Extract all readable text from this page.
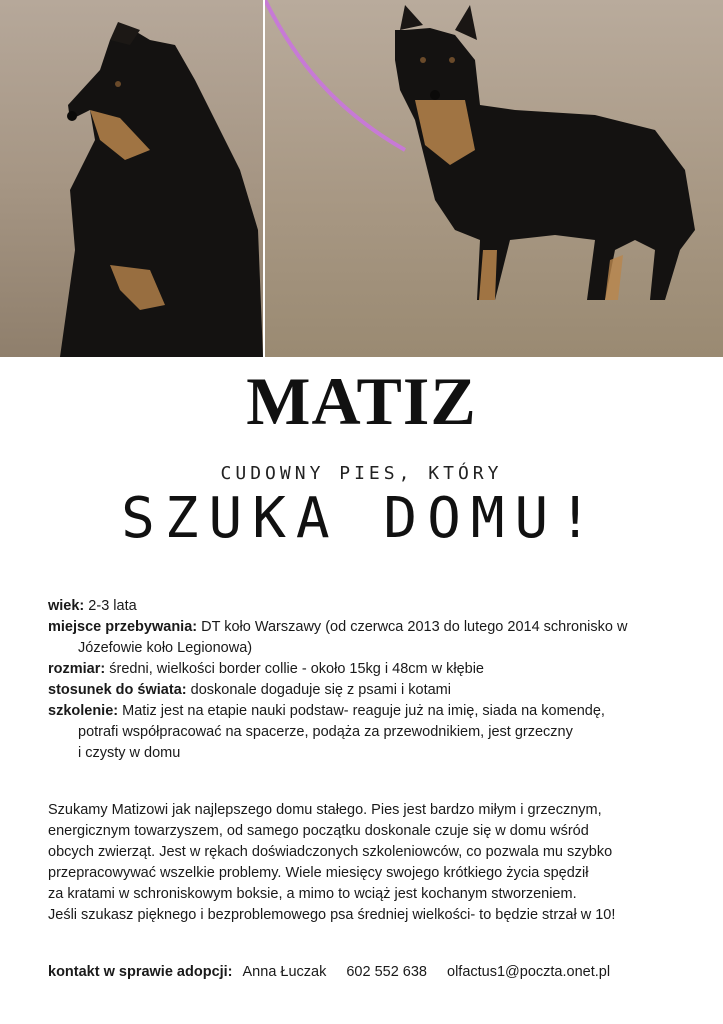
MATIZ
CUDOWNY PIES, KTÓRY
SZUKA DOMU!

wiek: 2-3 lata

miejsce przebywania: DT koło Warszawy (od czerwca 2013 do lutego 2014 schronisko w

Józefowie koło Legionowa)

rozmiar: średni, wielkości border collie - około 15kg i 48cm w kłębie

stosunek do świata: doskonale dogaduje się z psami i kotami

szkolenie: Matiz jest na etapie nauki podstaw- reaguje już na imię, siada na komendę,

potrafi współpracować na spacerze, podąża za przewodnikiem, jest grzeczny

i czysty w domu

Szukamy Matizowi jak najlepszego domu stałego. Pies jest bardzo miłym i grzecznym,

energicznym towarzyszem, od samego początku doskonale czuje się w domu wśród

obcych zwierząt. Jest w rękach doświadczonych szkoleniowców, co pozwala mu szybko

przepracowywać wszelkie problemy. Wiele miesięcy swojego krótkiego życia spędził

za kratami w schroniskowym boksie, a mimo to wciąż jest kochanym stworzeniem.

Jeśli szukasz pięknego i bezproblemowego psa średniej wielkości- to będzie strzał w 10!

kontakt w sprawie adopcji: Anna Łuczak 602 552 638 olfactus1@poczta.onet.pl
